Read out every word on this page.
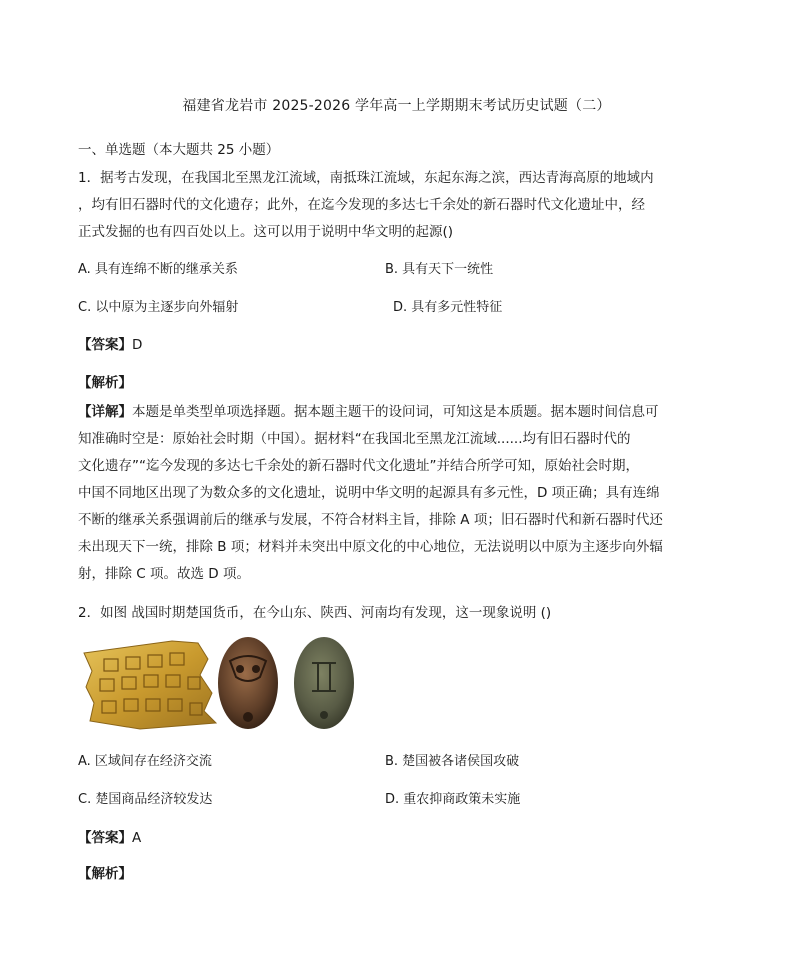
福建省龙岩市 2025-2026 学年高一上学期期末考试历史试题（二）
一、单选题（本大题共 25 小题）
1．据考古发现，在我国北至黑龙江流域，南抵珠江流域，东起东海之滨，西达青海高原的地域内
，均有旧石器时代的文化遗存；此外，在迄今发现的多达七千余处的新石器时代文化遗址中，经
正式发掘的也有四百处以上。这可以用于说明中华文明的起源()
A. 具有连绵不断的继承关系	B. 具有天下一统性
C. 以中原为主逐步向外辐射	D. 具有多元性特征
【答案】D
【解析】
【详解】本题是单类型单项选择题。据本题主题干的设问词，可知这是本质题。据本题时间信息可
知准确时空是：原始社会时期（中国）。据材料“在我国北至黑龙江流域......均有旧石器时代的
文化遗存”“迄今发现的多达七千余处的新石器时代文化遗址”并结合所学可知，原始社会时期，
中国不同地区出现了为数众多的文化遗址，说明中华文明的起源具有多元性，D 项正确；具有连绵
不断的继承关系强调前后的继承与发展，不符合材料主旨，排除 A 项；旧石器时代和新石器时代还
未出现天下一统，排除 B 项；材料并未突出中原文化的中心地位，无法说明以中原为主逐步向外辐
射，排除 C 项。故选 D 项。
2．如图 战国时期楚国货币，在今山东、陕西、河南均有发现，这一现象说明 ()
A. 区域间存在经济交流	B. 楚国被各诸侯国攻破
C. 楚国商品经济较发达	D. 重农抑商政策未实施
【答案】A
【解析】
